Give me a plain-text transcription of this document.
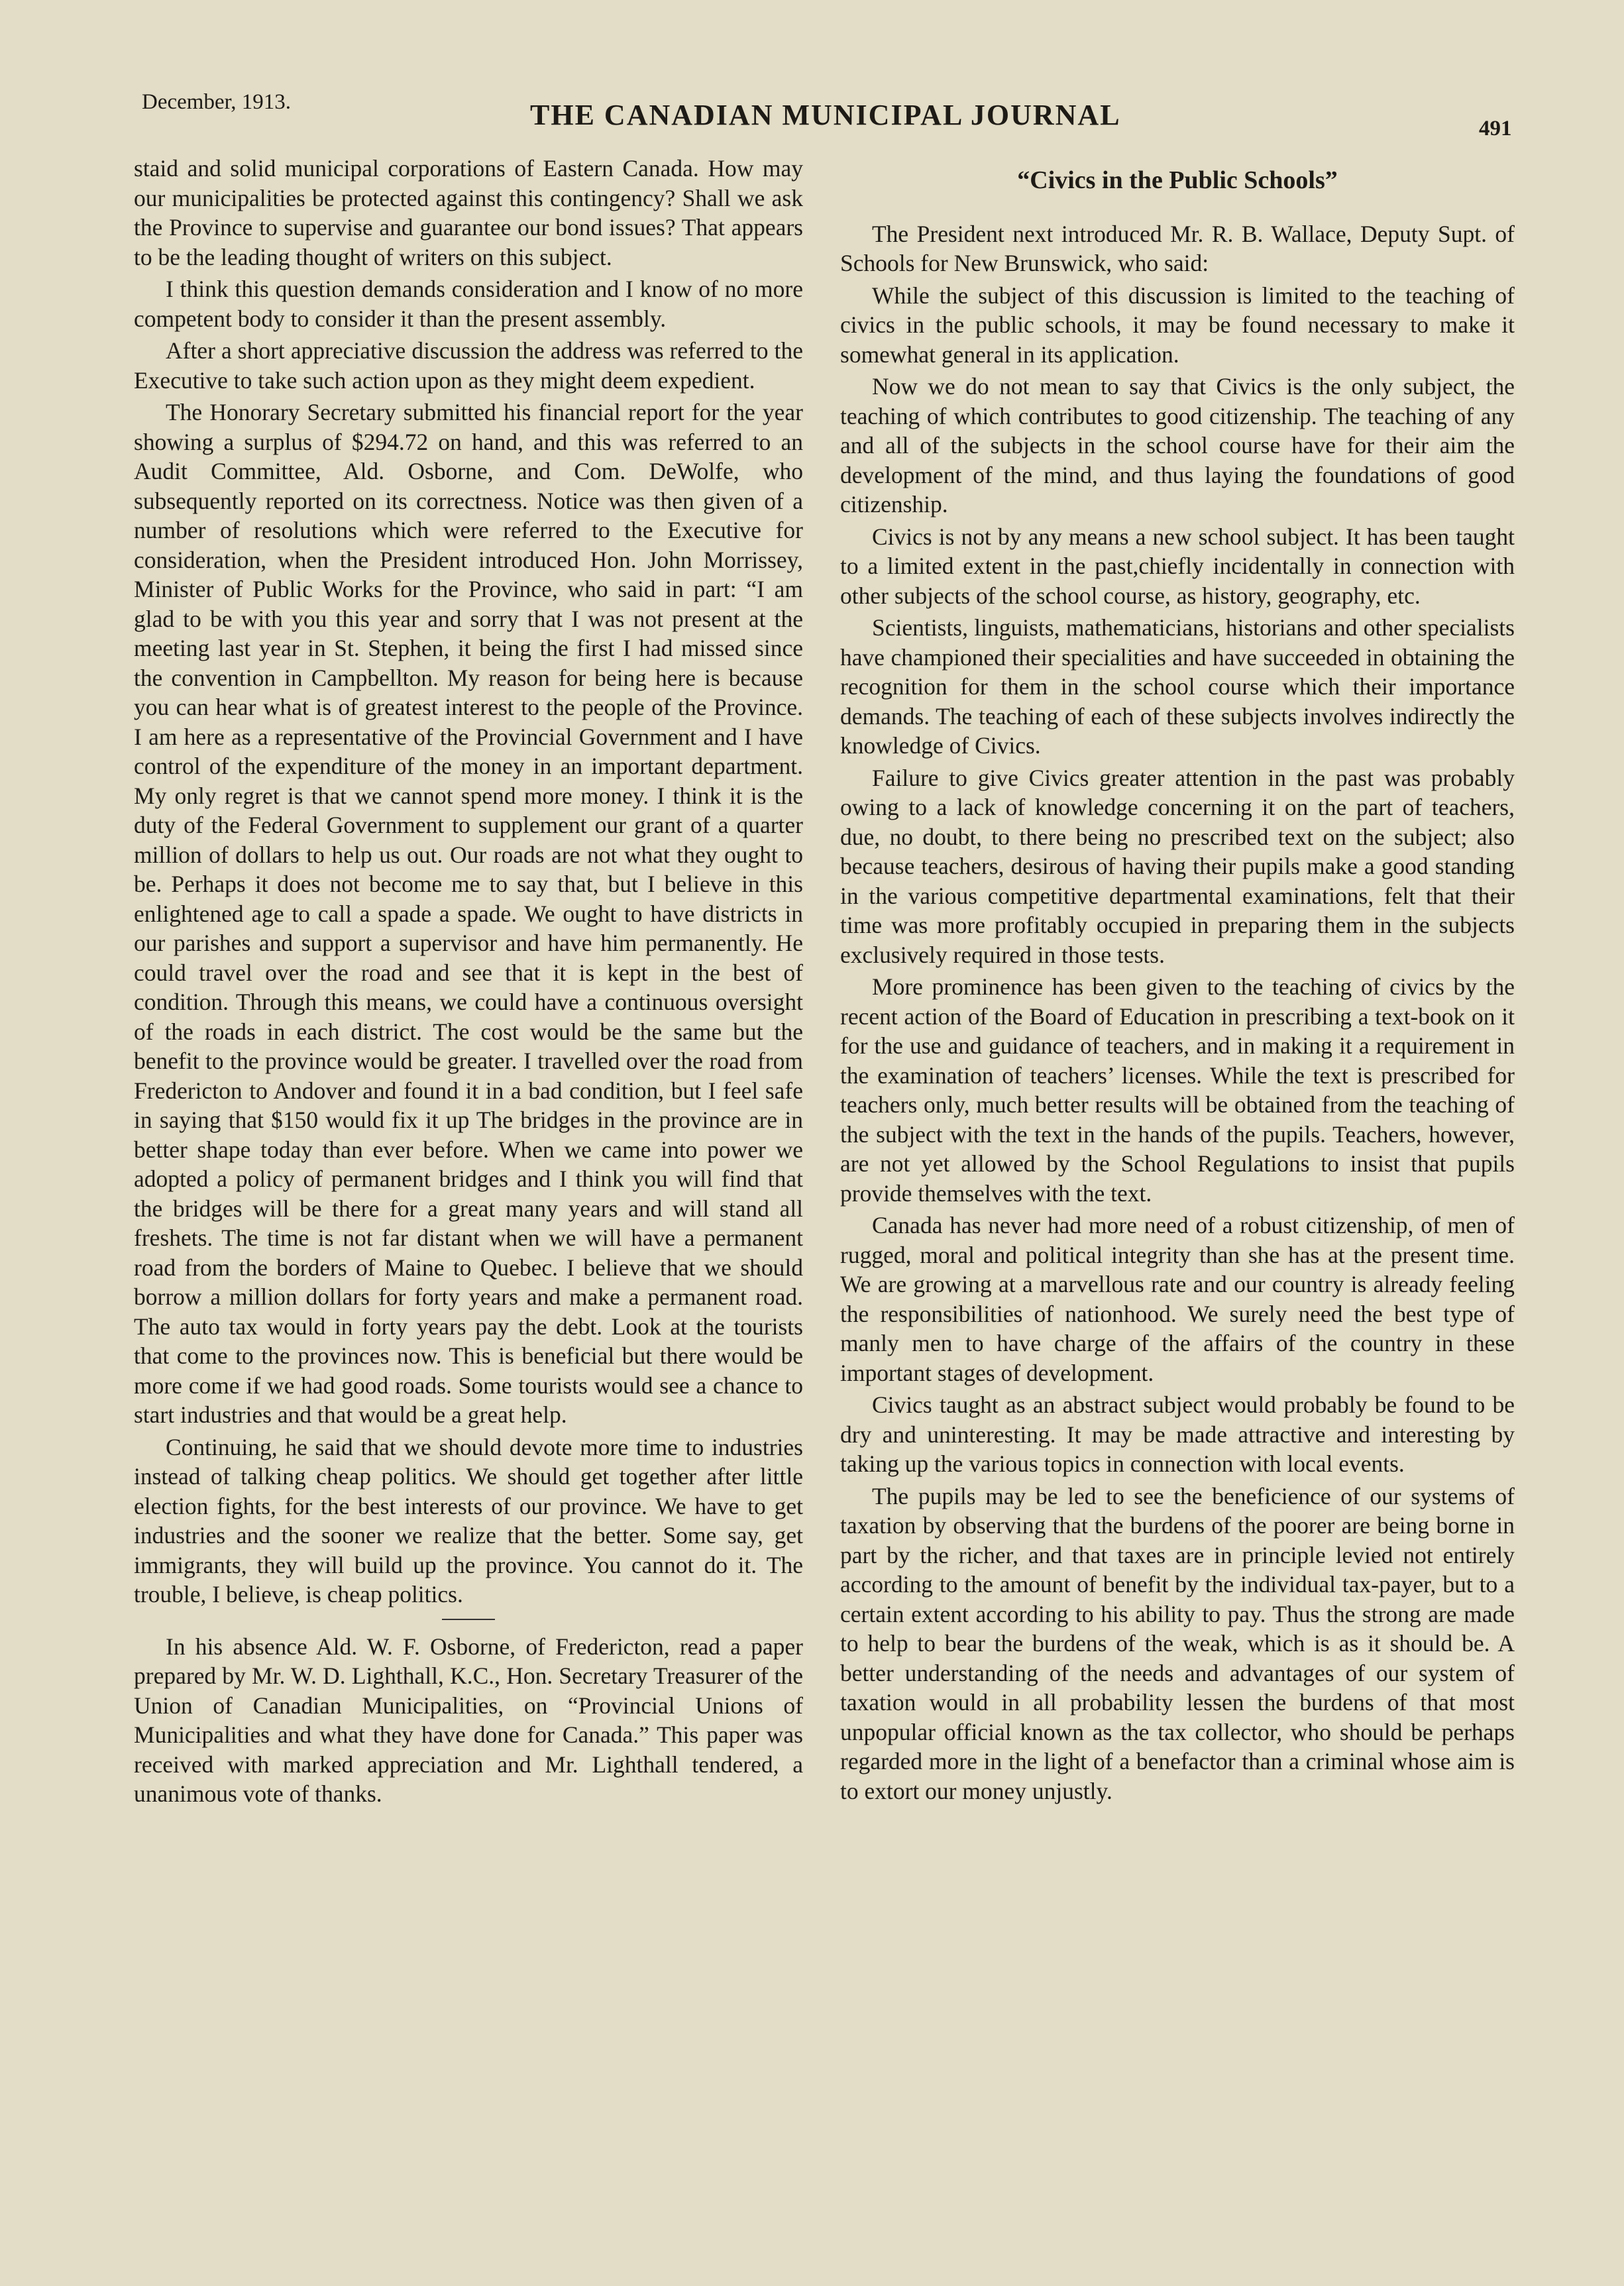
December, 1913.	THE CANADIAN MUNICIPAL JOURNAL	491

staid and solid municipal corporations of Eastern Canada. How may our municipalities be protected against this contingency? Shall we ask the Province to supervise and guarantee our bond issues? That appears to be the leading thought of writers on this subject.

I think this question demands consideration and I know of no more competent body to consider it than the present assembly.

After a short appreciative discussion the address was referred to the Executive to take such action upon as they might deem expedient.

The Honorary Secretary submitted his financial report for the year showing a surplus of $294.72 on hand, and this was referred to an Audit Committee, Ald. Osborne, and Com. DeWolfe, who subsequently reported on its correctness. Notice was then given of a number of resolutions which were referred to the Executive for consideration, when the President introduced Hon. John Morrissey, Minister of Public Works for the Province, who said in part: “I am glad to be with you this year and sorry that I was not present at the meeting last year in St. Stephen, it being the first I had missed since the convention in Campbellton. My reason for being here is because you can hear what is of greatest interest to the people of the Province. I am here as a representative of the Provincial Government and I have control of the expenditure of the money in an important department. My only regret is that we cannot spend more money. I think it is the duty of the Federal Government to supplement our grant of a quarter million of dollars to help us out. Our roads are not what they ought to be. Perhaps it does not become me to say that, but I believe in this enlightened age to call a spade a spade. We ought to have districts in our parishes and support a supervisor and have him permanently. He could travel over the road and see that it is kept in the best of condition. Through this means, we could have a continuous oversight of the roads in each district. The cost would be the same but the benefit to the province would be greater. I travelled over the road from Fredericton to Andover and found it in a bad condition, but I feel safe in saying that $150 would fix it up The bridges in the province are in better shape today than ever before. When we came into power we adopted a policy of permanent bridges and I think you will find that the bridges will be there for a great many years and will stand all freshets. The time is not far distant when we will have a permanent road from the borders of Maine to Quebec. I believe that we should borrow a million dollars for forty years and make a permanent road. The auto tax would in forty years pay the debt. Look at the tourists that come to the provinces now. This is beneficial but there would be more come if we had good roads. Some tourists would see a chance to start industries and that would be a great help.

Continuing, he said that we should devote more time to industries instead of talking cheap politics. We should get together after little election fights, for the best interests of our province. We have to get industries and the sooner we realize that the better. Some say, get immigrants, they will build up the province. You cannot do it. The trouble, I believe, is cheap politics.

In his absence Ald. W. F. Osborne, of Fredericton, read a paper prepared by Mr. W. D. Lighthall, K.C., Hon. Secretary Treasurer of the Union of Canadian Municipalities, on “Provincial Unions of Municipalities and what they have done for Canada.” This paper was received with marked appreciation and Mr. Lighthall tendered, a unanimous vote of thanks.

“Civics in the Public Schools”

The President next introduced Mr. R. B. Wallace, Deputy Supt. of Schools for New Brunswick, who said:

While the subject of this discussion is limited to the teaching of civics in the public schools, it may be found necessary to make it somewhat general in its application.

Now we do not mean to say that Civics is the only subject, the teaching of which contributes to good citizenship. The teaching of any and all of the subjects in the school course have for their aim the development of the mind, and thus laying the foundations of good citizenship.

Civics is not by any means a new school subject. It has been taught to a limited extent in the past,chiefly incidentally in connection with other subjects of the school course, as history, geography, etc.

Scientists, linguists, mathematicians, historians and other specialists have championed their specialities and have succeeded in obtaining the recognition for them in the school course which their importance demands. The teaching of each of these subjects involves indirectly the knowledge of Civics.

Failure to give Civics greater attention in the past was probably owing to a lack of knowledge concerning it on the part of teachers, due, no doubt, to there being no prescribed text on the subject; also because teachers, desirous of having their pupils make a good standing in the various competitive departmental examinations, felt that their time was more profitably occupied in preparing them in the subjects exclusively required in those tests.

More prominence has been given to the teaching of civics by the recent action of the Board of Education in prescribing a text-book on it for the use and guidance of teachers, and in making it a requirement in the examination of teachers’ licenses. While the text is prescribed for teachers only, much better results will be obtained from the teaching of the subject with the text in the hands of the pupils. Teachers, however, are not yet allowed by the School Regulations to insist that pupils provide themselves with the text.

Canada has never had more need of a robust citizenship, of men of rugged, moral and political integrity than she has at the present time. We are growing at a marvellous rate and our country is already feeling the responsibilities of nationhood. We surely need the best type of manly men to have charge of the affairs of the country in these important stages of development.

Civics taught as an abstract subject would probably be found to be dry and uninteresting. It may be made attractive and interesting by taking up the various topics in connection with local events.

The pupils may be led to see the beneficience of our systems of taxation by observing that the burdens of the poorer are being borne in part by the richer, and that taxes are in principle levied not entirely according to the amount of benefit by the individual tax-payer, but to a certain extent according to his ability to pay. Thus the strong are made to help to bear the burdens of the weak, which is as it should be. A better understanding of the needs and advantages of our system of taxation would in all probability lessen the burdens of that most unpopular official known as the tax collector, who should be perhaps regarded more in the light of a benefactor than a criminal whose aim is to extort our money unjustly.
